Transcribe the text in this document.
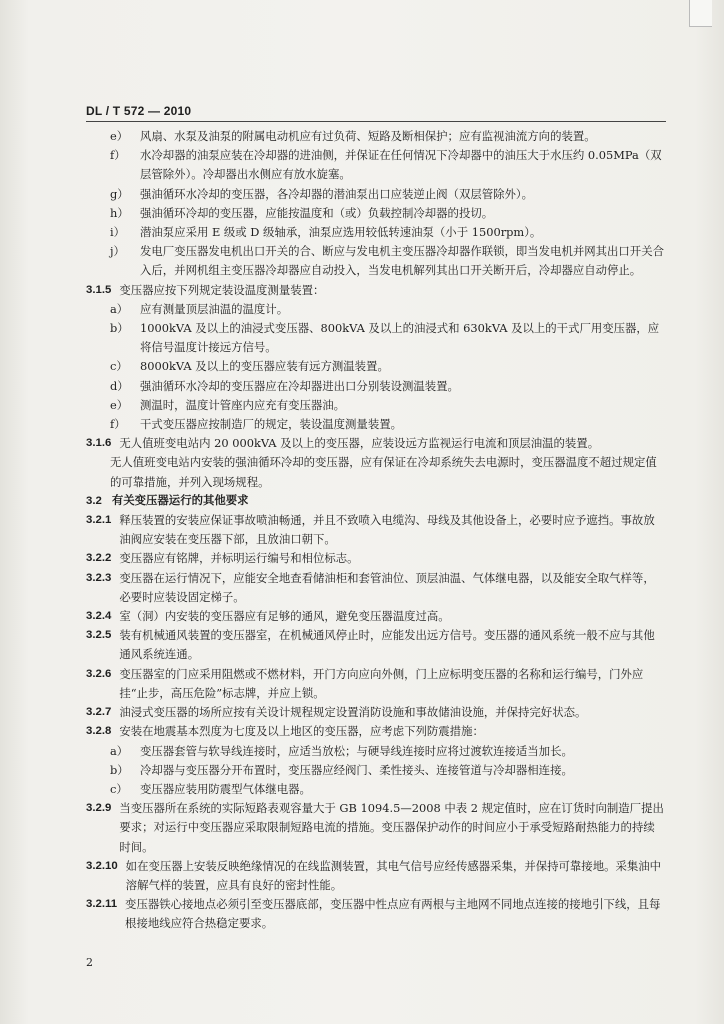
DL / T 572 — 2010
e）	风扇、水泵及油泵的附属电动机应有过负荷、短路及断相保护；应有监视油流方向的装置。
f）	水冷却器的油泵应装在冷却器的进油侧，并保证在任何情况下冷却器中的油压大于水压约 0.05MPa（双层管除外）。冷却器出水侧应有放水旋塞。
g） 强油循环水冷却的变压器，各冷却器的潜油泵出口应装逆止阀（双层管除外）。
h） 强油循环冷却的变压器，应能按温度和（或）负载控制冷却器的投切。
i）	潜油泵应采用 E 级或 D 级轴承，油泵应选用较低转速油泵（小于 1500rpm）。
j）	发电厂变压器发电机出口开关的合、断应与发电机主变压器冷却器作联锁，即当发电机并网其出口开关合入后，并网机组主变压器冷却器应自动投入，当发电机解列其出口开关断开后，冷却器应自动停止。
3.1.5 变压器应按下列规定装设温度测量装置：
a）	应有测量顶层油温的温度计。
b） 1000kVA 及以上的油浸式变压器、800kVA 及以上的油浸式和 630kVA 及以上的干式厂用变压器，应将信号温度计接远方信号。
c）	8000kVA 及以上的变压器应装有远方测温装置。
d） 强油循环水冷却的变压器应在冷却器进出口分别装设测温装置。
e）	测温时，温度计管座内应充有变压器油。
f）	干式变压器应按制造厂的规定，装设温度测量装置。
3.1.6 无人值班变电站内 20 000kVA 及以上的变压器，应装设远方监视运行电流和顶层油温的装置。
无人值班变电站内安装的强油循环冷却的变压器，应有保证在冷却系统失去电源时，变压器温度不超过规定值的可靠措施，并列入现场规程。
3.2 有关变压器运行的其他要求
3.2.1 释压装置的安装应保证事故喷油畅通，并且不致喷入电缆沟、母线及其他设备上，必要时应予遮挡。事故放油阀应安装在变压器下部，且放油口朝下。
3.2.2 变压器应有铭牌，并标明运行编号和相位标志。
3.2.3 变压器在运行情况下，应能安全地查看储油柜和套管油位、顶层油温、气体继电器，以及能安全取气样等，必要时应装设固定梯子。
3.2.4 室（洞）内安装的变压器应有足够的通风，避免变压器温度过高。
3.2.5 装有机械通风装置的变压器室，在机械通风停止时，应能发出远方信号。变压器的通风系统一般不应与其他通风系统连通。
3.2.6 变压器室的门应采用阻燃或不燃材料，开门方向应向外侧，门上应标明变压器的名称和运行编号，门外应挂“止步，高压危险”标志牌，并应上锁。
3.2.7 油浸式变压器的场所应按有关设计规程规定设置消防设施和事故储油设施，并保持完好状态。
3.2.8 安装在地震基本烈度为七度及以上地区的变压器，应考虑下列防震措施：
a）	变压器套管与软导线连接时，应适当放松；与硬导线连接时应将过渡软连接适当加长。
b） 冷却器与变压器分开布置时，变压器应经阀门、柔性接头、连接管道与冷却器相连接。
c）	变压器应装用防震型气体继电器。
3.2.9 当变压器所在系统的实际短路表观容量大于 GB 1094.5—2008 中表 2 规定值时，应在订货时向制造厂提出要求；对运行中变压器应采取限制短路电流的措施。变压器保护动作的时间应小于承受短路耐热能力的持续时间。
3.2.10 如在变压器上安装反映绝缘情况的在线监测装置，其电气信号应经传感器采集，并保持可靠接地。采集油中溶解气样的装置，应具有良好的密封性能。
3.2.11 变压器铁心接地点必须引至变压器底部，变压器中性点应有两根与主地网不同地点连接的接地引下线，且每根接地线应符合热稳定要求。
2
